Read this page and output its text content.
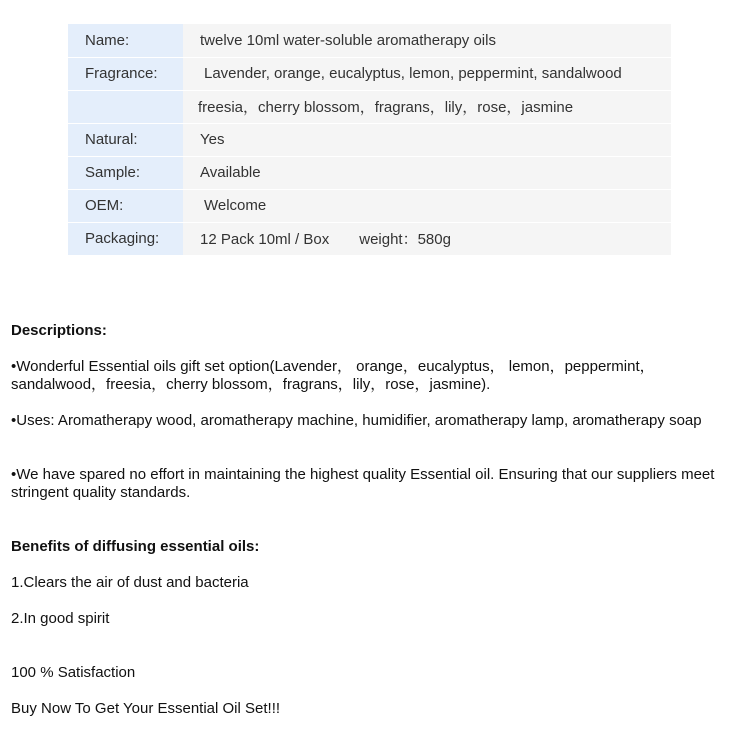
Name:	twelve 10ml water-soluble aromatherapy oils
Fragrance:	Lavender, orange, eucalyptus, lemon, peppermint, sandalwood
	freesia，cherry blossom，fragrans，lily，rose，jasmine
Natural:	Yes
Sample:	Available
OEM:	Welcome
Packaging:	12 Pack 10ml / Box weight：580g
Descriptions:
•Wonderful Essential oils gift set option(Lavender， orange，eucalyptus， lemon，peppermint，sandalwood，freesia，cherry blossom，fragrans，lily，rose，jasmine).
•Uses: Aromatherapy wood, aromatherapy machine, humidifier, aromatherapy lamp, aromatherapy soap
•We have spared no effort in maintaining the highest quality Essential oil. Ensuring that our suppliers meet stringent quality standards.
Benefits of diffusing essential oils:
1.Clears the air of dust and bacteria
2.In good spirit
100 % Satisfaction
Buy Now To Get Your Essential Oil Set!!!
